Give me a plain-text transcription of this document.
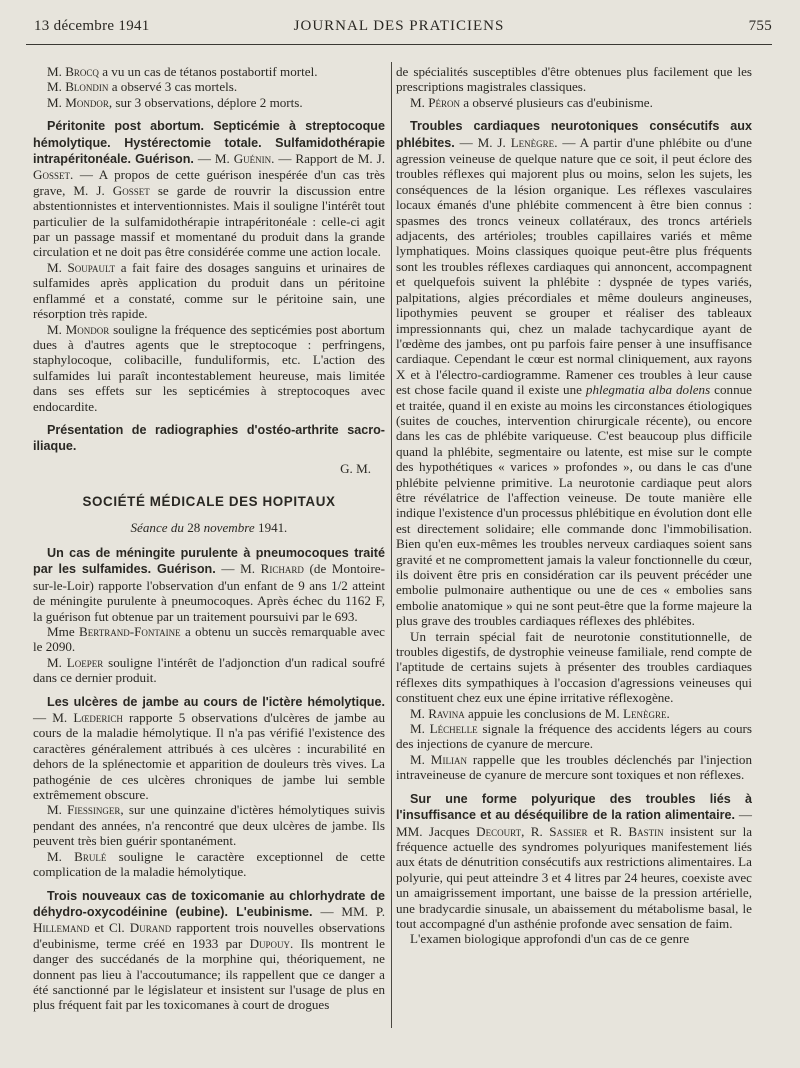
13 décembre 1941	JOURNAL DES PRATICIENS	755

M. Brocq a vu un cas de tétanos postabortif mortel.

M. Blondin a observé 3 cas mortels.

M. Mondor, sur 3 observations, déplore 2 morts.

Péritonite post abortum. Septicémie à streptocoque hémolytique. Hystérectomie totale. Sulfamidothérapie intrapéritonéale. Guérison. — M. Guénin. — Rapport de M. J. Gosset. — A propos de cette guérison inespérée d'un cas très grave, M. J. Gosset se garde de rouvrir la discussion entre abstentionnistes et interventionnistes. Mais il souligne l'intérêt tout particulier de la sulfamidothérapie intrapéritonéale : celle-ci agit par un passage massif et momentané du produit dans la grande circulation et ne doit pas être considérée comme une action locale.

M. Soupault a fait faire des dosages sanguins et urinaires de sulfamides après application du produit dans un péritoine enflammé et a constaté, comme sur le péritoine sain, une résorption très rapide.

M. Mondor souligne la fréquence des septicémies post abortum dues à d'autres agents que le streptocoque : perfringens, staphylocoque, colibacille, funduliformis, etc. L'action des sulfamides lui paraît incontestablement heureuse, mais limitée dans ses effets sur les septicémies à streptocoques avec endocardite.

Présentation de radiographies d'ostéo-arthrite sacro-iliaque.

G. M.

SOCIÉTÉ MÉDICALE DES HOPITAUX

Séance du 28 novembre 1941.

Un cas de méningite purulente à pneumocoques traité par les sulfamides. Guérison. — M. Richard (de Montoire-sur-le-Loir) rapporte l'observation d'un enfant de 9 ans 1/2 atteint de méningite purulente à pneumocoques. Après échec du 1162 F, la guérison fut obtenue par un traitement poursuivi par le 693.

Mme Bertrand-Fontaine a obtenu un succès remarquable avec le 2090.

M. Loeper souligne l'intérêt de l'adjonction d'un radical soufré dans ce dernier produit.

Les ulcères de jambe au cours de l'ictère hémolytique. — M. Lœderich rapporte 5 observations d'ulcères de jambe au cours de la maladie hémolytique. Il n'a pas vérifié l'existence des caractères généralement attribués à ces ulcères : incurabilité en dehors de la splénectomie et apparition de douleurs très vives. La pathogénie de ces ulcères chroniques de jambe lui semble extrêmement obscure.

M. Fiessinger, sur une quinzaine d'ictères hémolytiques suivis pendant des années, n'a rencontré que deux ulcères de jambe. Ils peuvent très bien guérir spontanément.

M. Brulé souligne le caractère exceptionnel de cette complication de la maladie hémolytique.

Trois nouveaux cas de toxicomanie au chlorhydrate de déhydro-oxycodéinine (eubine). L'eubinisme. — MM. P. Hillemand et Cl. Durand rapportent trois nouvelles observations d'eubinisme, terme créé en 1933 par Dupouy. Ils montrent le danger des succédanés de la morphine qui, théoriquement, ne donnent pas lieu à l'accoutumance; ils rappellent que ce danger a été sanctionné par le législateur et insistent sur l'usage de plus en plus fréquent fait par les toxicomanes à court de drogues

de spécialités susceptibles d'être obtenues plus facilement que les prescriptions magistrales classiques.

M. Péron a observé plusieurs cas d'eubinisme.

Troubles cardiaques neurotoniques consécutifs aux phlébites. — M. J. Lenègre. — A partir d'une phlébite ou d'une agression veineuse de quelque nature que ce soit, il peut éclore des troubles réflexes qui majorent plus ou moins, selon les sujets, les conséquences de la lésion organique. Les réflexes vasculaires locaux émanés d'une phlébite commencent à être bien connus : spasmes des troncs veineux collatéraux, des troncs artériels adjacents, des artérioles; troubles capillaires variés et même lymphatiques. Moins classiques quoique peut-être plus fréquents sont les troubles réflexes cardiaques qui annoncent, accompagnent et quelquefois suivent la phlébite : dyspnée de types variés, palpitations, algies précordiales et même douleurs angineuses, lipothymies peuvent se grouper et réaliser des tableaux impressionnants qui, chez un malade tachycardique ayant de l'œdème des jambes, ont pu parfois faire penser à une insuffisance cardiaque. Cependant le cœur est normal cliniquement, aux rayons X et à l'électro-cardiogramme. Ramener ces troubles à leur cause est chose facile quand il existe une phlegmatia alba dolens connue et traitée, quand il en existe au moins les circonstances étiologiques (suites de couches, intervention chirurgicale récente), ou encore dans les cas de phlébite variqueuse. C'est beaucoup plus difficile quand la phlébite, segmentaire ou latente, est mise sur le compte des hypothétiques « varices » profondes », ou dans le cas d'une phlébite pelvienne primitive. La neurotonie cardiaque peut alors être révélatrice de l'affection veineuse. De toute manière elle indique l'existence d'un processus phlébitique en évolution dont elle est directement solidaire; elle commande donc l'immobilisation. Bien qu'en eux-mêmes les troubles nerveux cardiaques soient sans gravité et ne compromettent jamais la valeur fonctionnelle du cœur, ils doivent être pris en considération car ils peuvent précéder une embolie pulmonaire authentique ou une de ces « embolies sans embolie anatomique » qui ne sont peut-être que la forme majeure la plus grave des troubles cardiaques réflexes des phlébites.

Un terrain spécial fait de neurotonie constitutionnelle, de troubles digestifs, de dystrophie veineuse familiale, rend compte de l'aptitude de certains sujets à présenter des troubles cardiaques réflexes dits sympathiques à l'occasion d'agressions veineuses qui constituent chez eux une épine irritative réflexogène.

M. Ravina appuie les conclusions de M. Lenègre.

M. Léchelle signale la fréquence des accidents légers au cours des injections de cyanure de mercure.

M. Milian rappelle que les troubles déclenchés par l'injection intraveineuse de cyanure de mercure sont toxiques et non réflexes.

Sur une forme polyurique des troubles liés à l'insuffisance et au déséquilibre de la ration alimentaire. — MM. Jacques Decourt, R. Sassier et R. Bastin insistent sur la fréquence actuelle des syndromes polyuriques manifestement liés aux états de dénutrition consécutifs aux restrictions alimentaires. La polyurie, qui peut atteindre 3 et 4 litres par 24 heures, coexiste avec un amaigrissement important, une baisse de la pression artérielle, une bradycardie sinusale, un abaissement du métabolisme basal, le tout accompagné d'un asthénie profonde avec sensation de faim.

L'examen biologique approfondi d'un cas de ce genre
